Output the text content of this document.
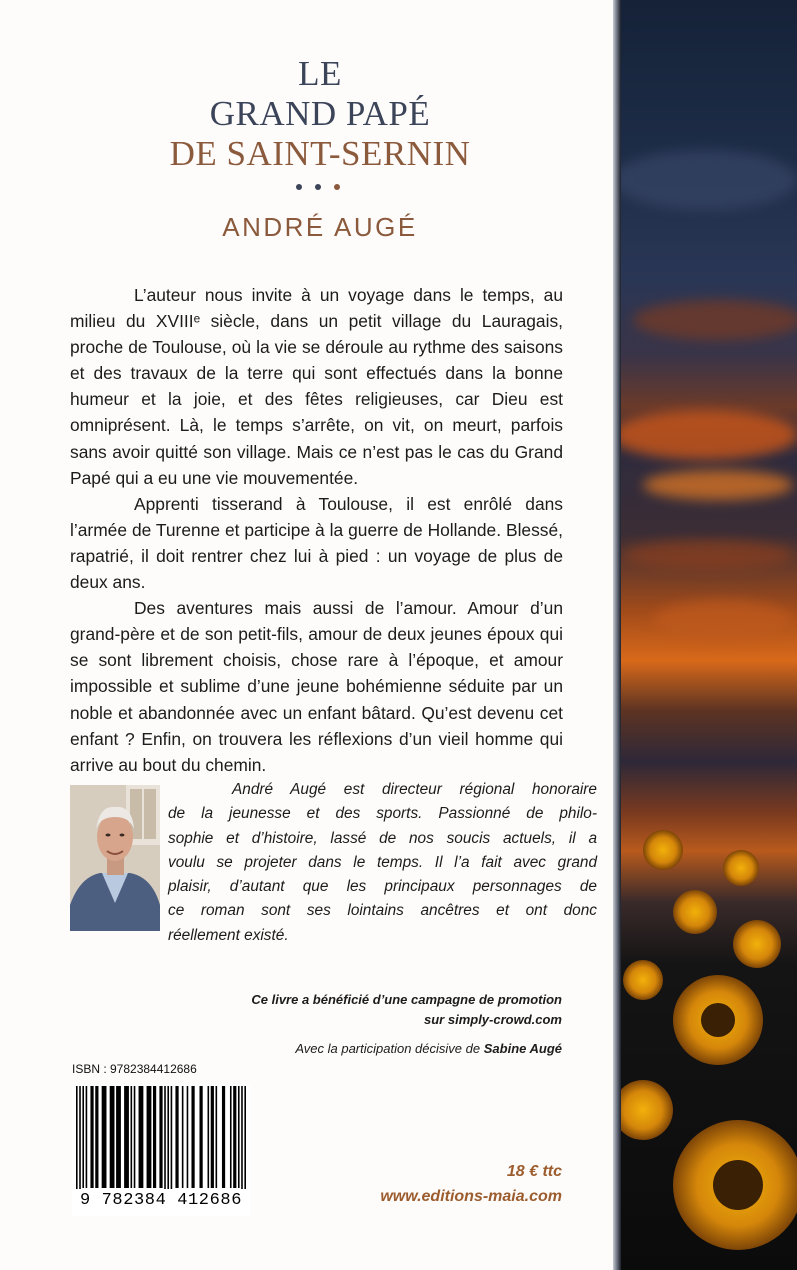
LE
GRAND PAPÉ
DE SAINT-SERNIN
ANDRÉ AUGÉ

L’auteur nous invite à un voyage dans le temps, au milieu du XVIIIᵉ siècle, dans un petit village du Lauragais, proche de Toulouse, où la vie se déroule au rythme des saisons et des travaux de la terre qui sont effectués dans la bonne humeur et la joie, et des fêtes religieuses, car Dieu est omniprésent. Là, le temps s’arrête, on vit, on meurt, parfois sans avoir quitté son village. Mais ce n’est pas le cas du Grand Papé qui a eu une vie mouvementée.

Apprenti tisserand à Toulouse, il est enrôlé dans l’armée de Turenne et participe à la guerre de Hollande. Blessé, rapatrié, il doit rentrer chez lui à pied : un voyage de plus de deux ans.

Des aventures mais aussi de l’amour. Amour d’un grand-père et de son petit-fils, amour de deux jeunes époux qui se sont librement choisis, chose rare à l’époque, et amour impossible et sublime d’une jeune bohémienne séduite par un noble et abandonnée avec un enfant bâtard. Qu’est devenu cet enfant ? Enfin, on trouvera les réflexions d’un vieil homme qui arrive au bout du chemin.

André Augé est directeur régional honoraire
de la jeunesse et des sports. Passionné de philo-
sophie et d’histoire, lassé de nos soucis actuels, il a
voulu se projeter dans le temps. Il l’a fait avec grand
plaisir, d’autant que les principaux personnages de
ce roman sont ses lointains ancêtres et ont donc
réellement existé.
Ce livre a bénéficié d’une campagne de promotion
sur simply-crowd.com
Avec la participation décisive de Sabine Augé
ISBN : 9782384412686
9 782384 412686
18 € ttc
www.editions-maia.com
